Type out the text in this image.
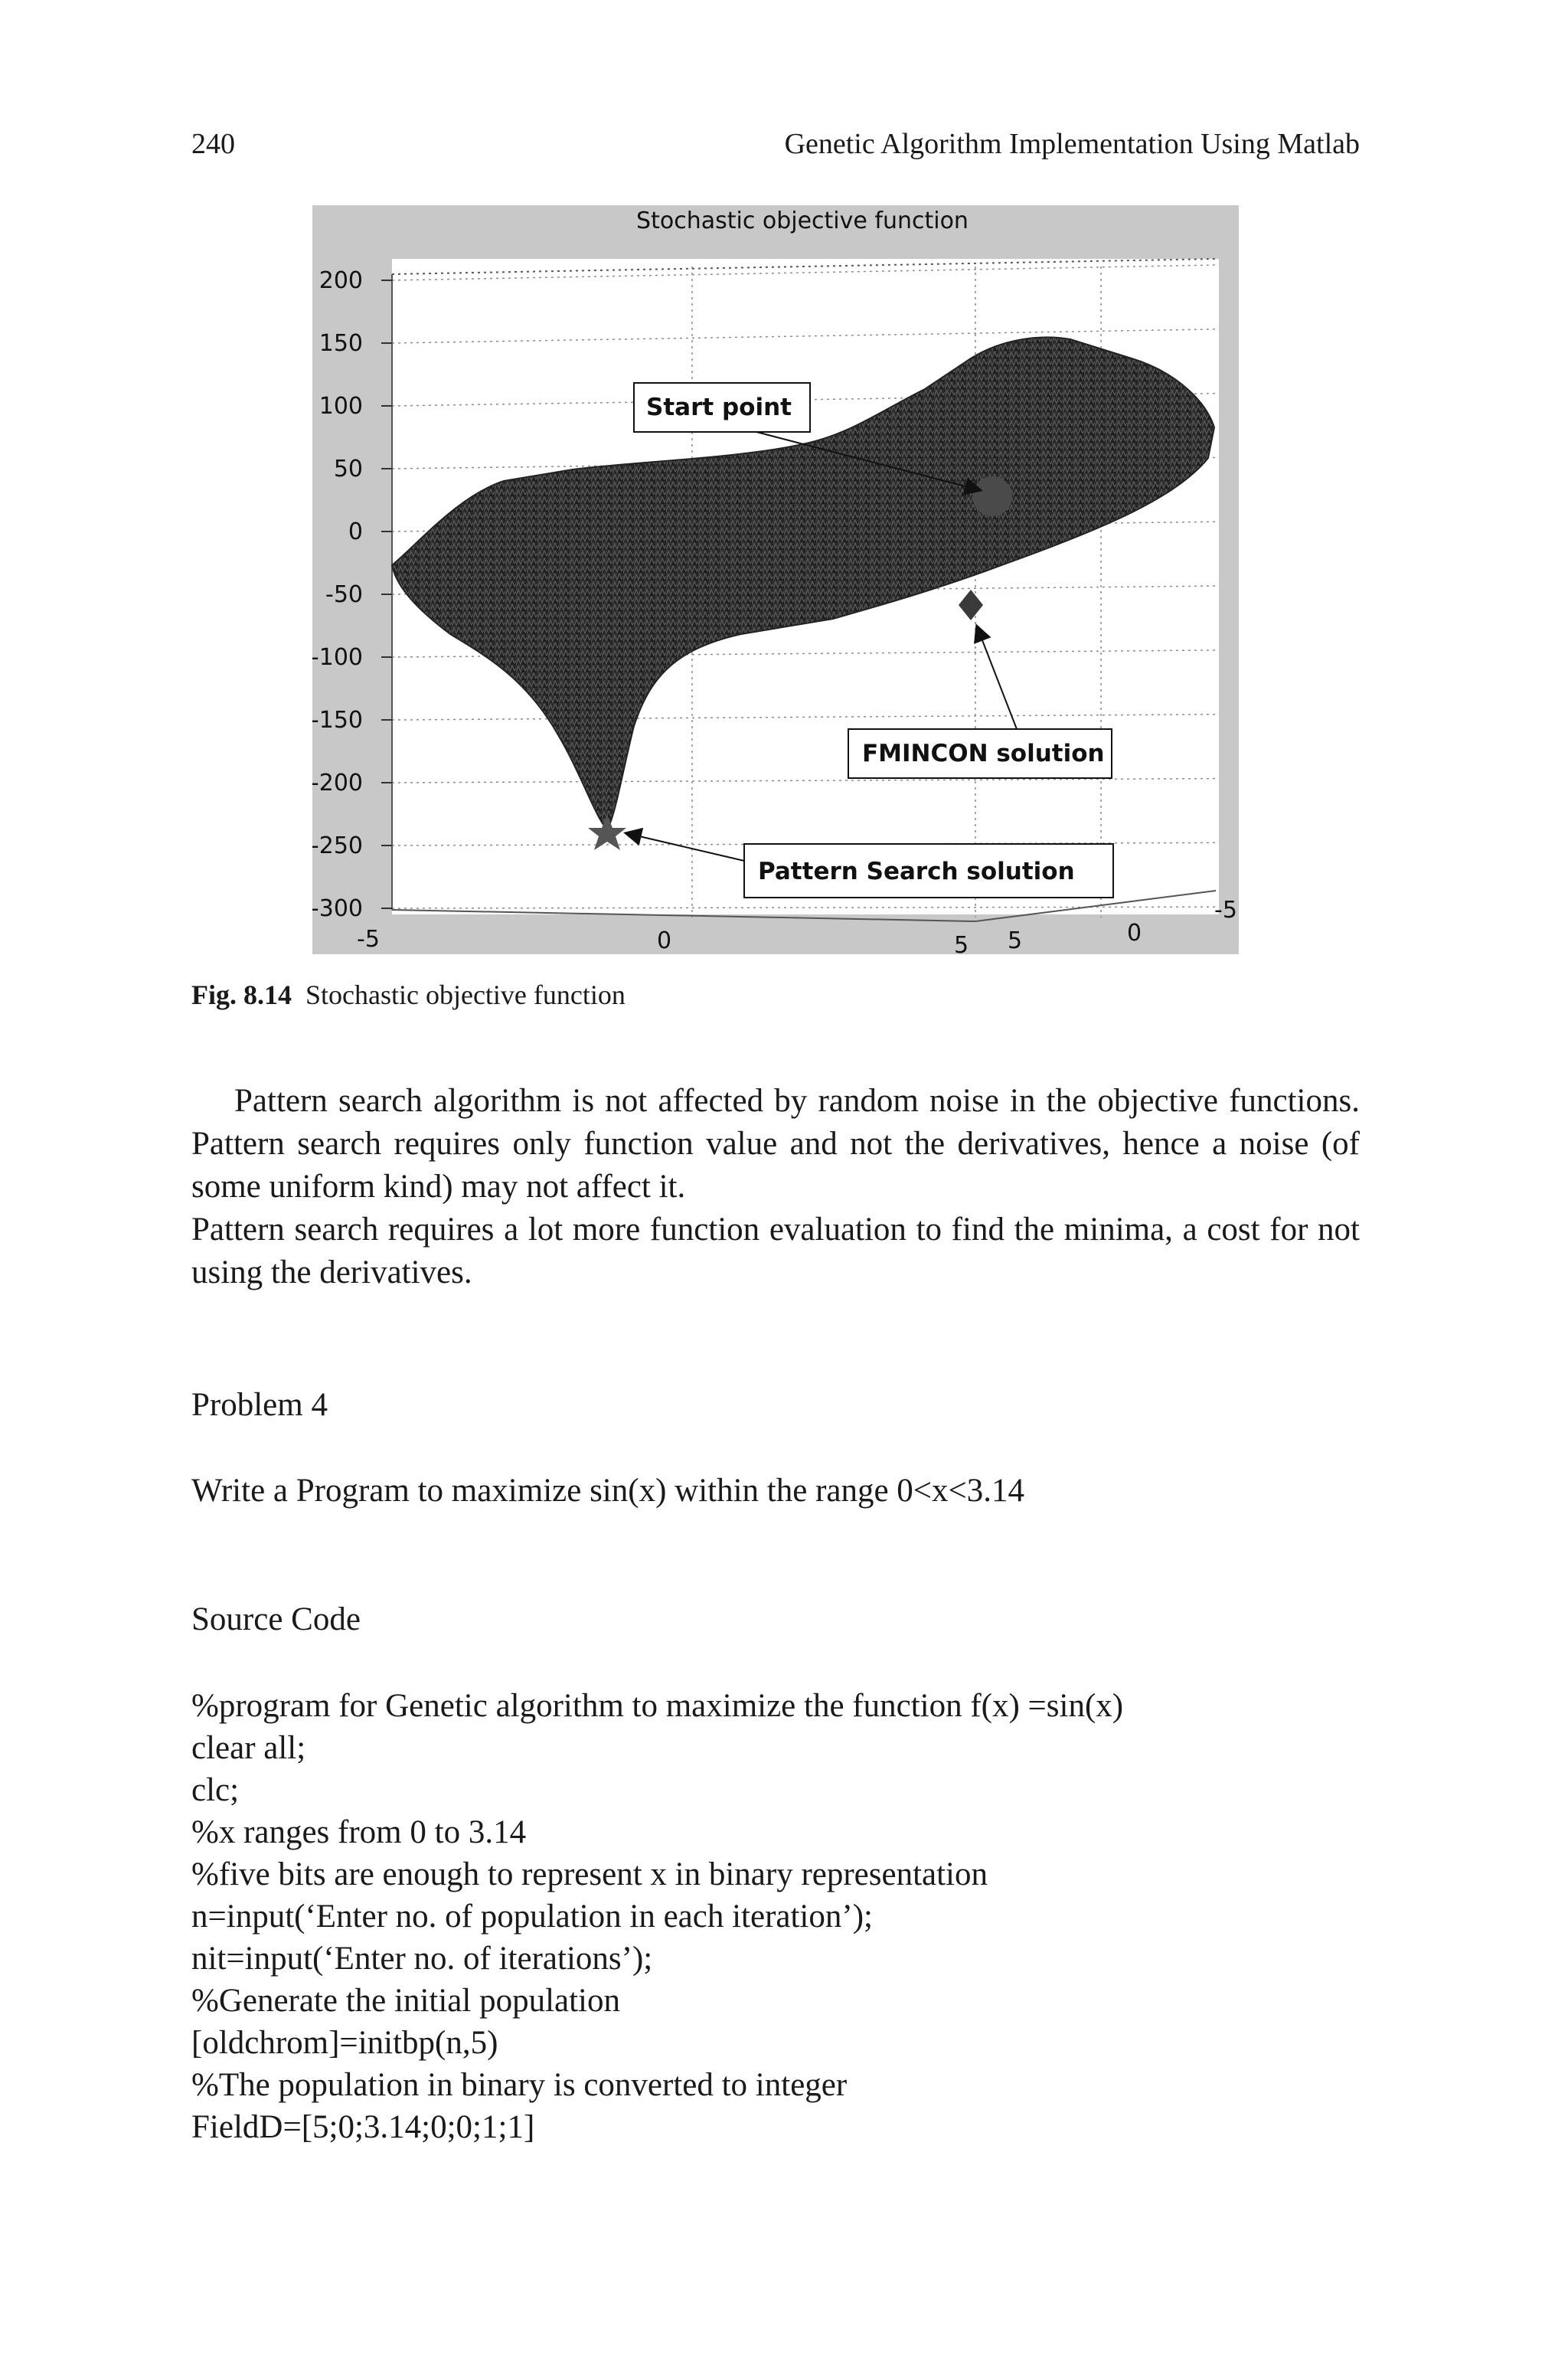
240	Genetic Algorithm Implementation Using Matlab
Stochastic objective function
Start point
FMINCON solution
Pattern Search solution
200
150
100
50
0
-50
-100
-150
-200
-250
-300
-5	0	5 5	0
-5
Fig. 8.14 Stochastic objective function

Pattern search algorithm is not affected by random noise in the objective functions. Pattern search requires only function value and not the derivatives, hence a noise (of some uniform kind) may not affect it.

Pattern search requires a lot more function evaluation to find the minima, a cost for not using the derivatives.

Problem 4
Write a Program to maximize sin(x) within the range 0<x<3.14
Source Code
%program for Genetic algorithm to maximize the function f(x) =sin(x)
clear all;
clc;
%x ranges from 0 to 3.14
%five bits are enough to represent x in binary representation
n=input(‘Enter no. of population in each iteration’);
nit=input(‘Enter no. of iterations’);
%Generate the initial population
[oldchrom]=initbp(n,5)
%The population in binary is converted to integer
FieldD=[5;0;3.14;0;0;1;1]
